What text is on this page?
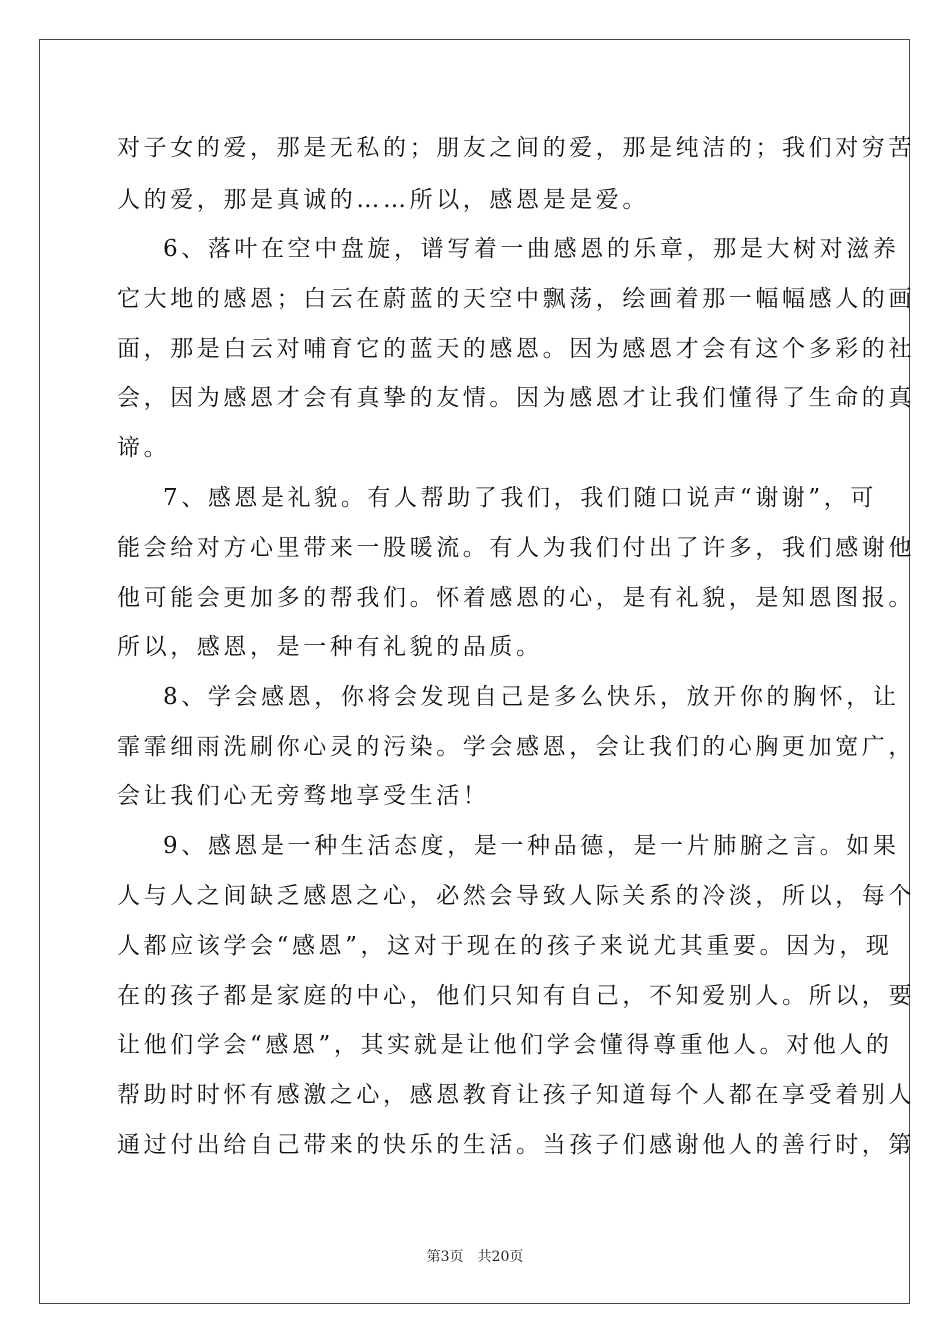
对子女的爱，那是无私的；朋友之间的爱，那是纯洁的；我们对穷苦
人的爱，那是真诚的……所以，感恩是是爱。
6、落叶在空中盘旋，谱写着一曲感恩的乐章，那是大树对滋养
它大地的感恩；白云在蔚蓝的天空中飘荡，绘画着那一幅幅感人的画
面，那是白云对哺育它的蓝天的感恩。因为感恩才会有这个多彩的社
会，因为感恩才会有真挚的友情。因为感恩才让我们懂得了生命的真
谛。
7、感恩是礼貌。有人帮助了我们，我们随口说声“谢谢”，可
能会给对方心里带来一股暖流。有人为我们付出了许多，我们感谢他
他可能会更加多的帮我们。怀着感恩的心，是有礼貌，是知恩图报。
所以，感恩，是一种有礼貌的品质。
8、学会感恩，你将会发现自己是多么快乐，放开你的胸怀，让
霏霏细雨洗刷你心灵的污染。学会感恩，会让我们的心胸更加宽广，
会让我们心无旁骛地享受生活！
9、感恩是一种生活态度，是一种品德，是一片肺腑之言。如果
人与人之间缺乏感恩之心，必然会导致人际关系的冷淡，所以，每个
人都应该学会“感恩”，这对于现在的孩子来说尤其重要。因为，现
在的孩子都是家庭的中心，他们只知有自己，不知爱别人。所以，要
让他们学会“感恩”，其实就是让他们学会懂得尊重他人。对他人的
帮助时时怀有感激之心，感恩教育让孩子知道每个人都在享受着别人
通过付出给自己带来的快乐的生活。当孩子们感谢他人的善行时，第
第3页 共20页
